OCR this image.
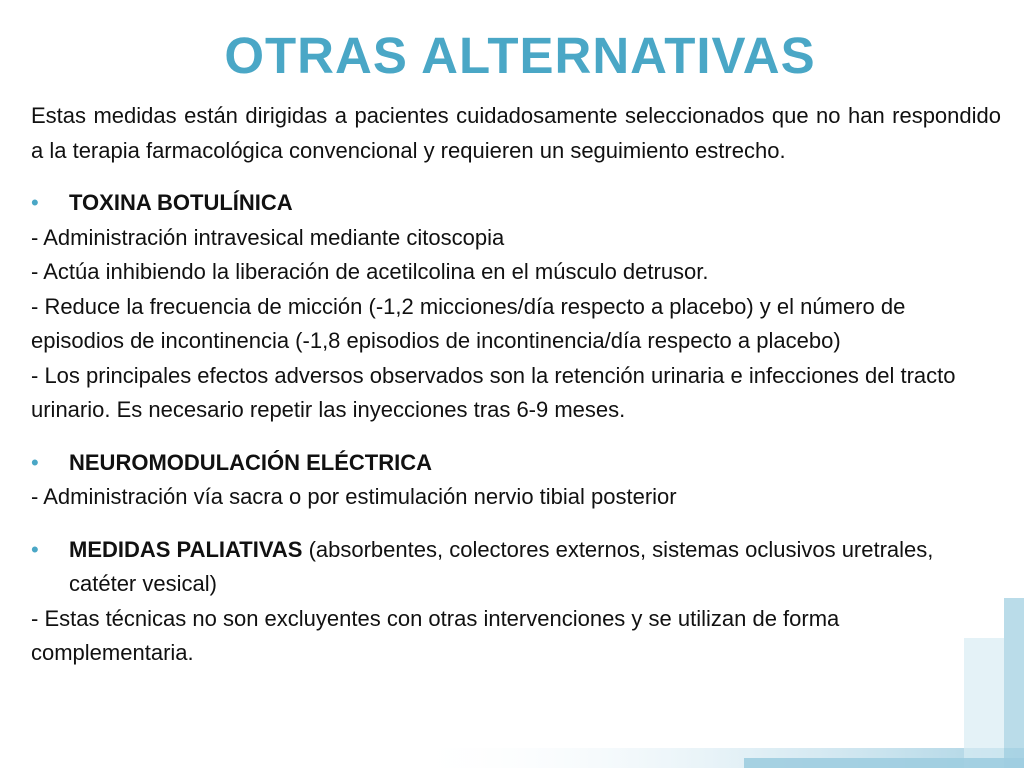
OTRAS ALTERNATIVAS

Estas medidas están dirigidas a pacientes cuidadosamente seleccionados que no han respondido a la terapia farmacológica convencional y requieren un seguimiento estrecho.

• TOXINA BOTULÍNICA
- Administración intravesical mediante citoscopia
- Actúa inhibiendo la liberación de acetilcolina en el músculo detrusor.
- Reduce la frecuencia de micción (-1,2 micciones/día respecto a placebo) y el número de episodios de incontinencia (-1,8 episodios de incontinencia/día respecto a placebo)
- Los principales efectos adversos observados son la retención urinaria e infecciones del tracto urinario. Es necesario repetir las inyecciones tras 6-9 meses.
• NEUROMODULACIÓN ELÉCTRICA
- Administración vía sacra o por estimulación nervio tibial posterior
• MEDIDAS PALIATIVAS (absorbentes, colectores externos, sistemas oclusivos uretrales, catéter vesical)
- Estas técnicas no son excluyentes con otras intervenciones y se utilizan de forma complementaria.
